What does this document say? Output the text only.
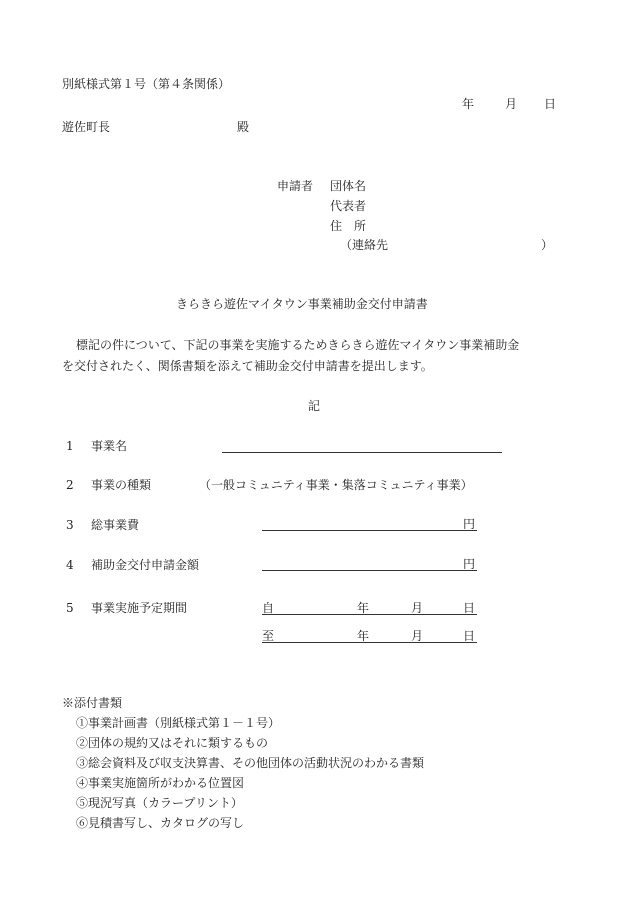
別紙様式第１号（第４条関係）
年	月 日
遊佐町長	殿
申請者 団体名
代表者
住　所
（連絡先	）
きらきら遊佐マイタウン事業補助金交付申請書
標記の件について、下記の事業を実施するためきらきら遊佐マイタウン事業補助金
を交付されたく、関係書類を添えて補助金交付申請書を提出します。
記
1 事業名
2 事業の種類	（一般コミュニティ事業・集落コミュニティ事業）
3 総事業費	円
4 補助金交付申請金額	円
5 事業実施予定期間	自	年	月	日
至	年	月	日
※添付書類
①事業計画書（別紙様式第１－１号）
②団体の規約又はそれに類するもの
③総会資料及び収支決算書、その他団体の活動状況のわかる書類
④事業実施箇所がわかる位置図
⑤現況写真（カラープリント）
⑥見積書写し、カタログの写し
